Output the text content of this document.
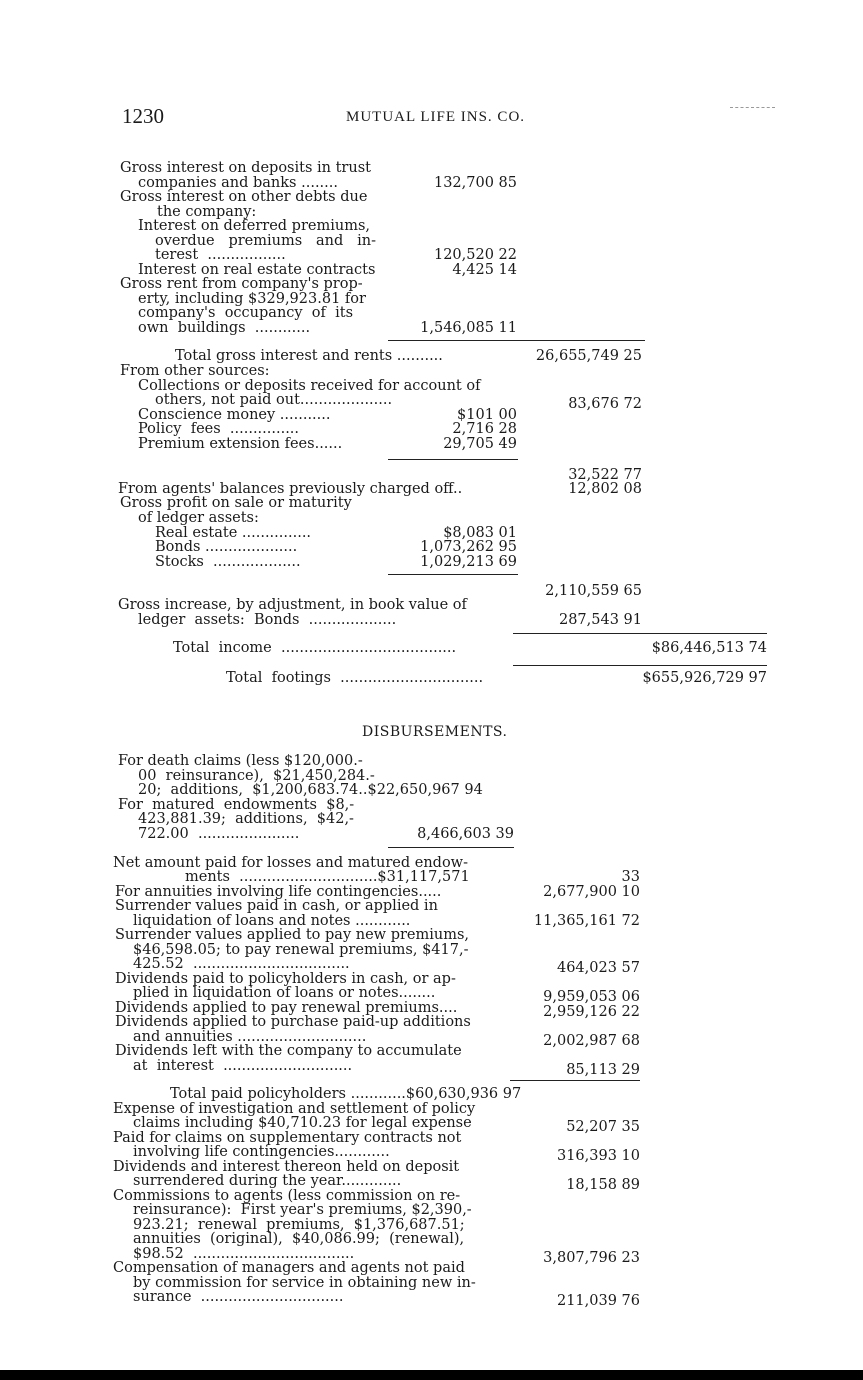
1230	MUTUAL LIFE INS. CO.
DISBURSEMENTS.
Gross interest on deposits in trust
companies and banks ........
Gross interest on other debts due
the company:
Interest on deferred premiums,
overdue   premiums   and   in-
terest  .................
Interest on real estate contracts
Gross rent from company's prop-
erty, including $329,923.81 for
company's  occupancy  of  its
own  buildings  ............
Total gross interest and rents ..........
From other sources:
Collections or deposits received for account of
others, not paid out....................
Conscience money ...........
Policy  fees  ...............
Premium extension fees......
From agents' balances previously charged off..
Gross profit on sale or maturity
of ledger assets:
Real estate ...............
Bonds ....................
Stocks  ...................
Gross increase, by adjustment, in book value of
ledger  assets:  Bonds  ...................
Total  income  ......................................
Total  footings  ...............................
For death claims (less $120,000.-
00  reinsurance),  $21,450,284.-
20;  additions,  $1,200,683.74..$22,650,967 94
For  matured  endowments  $8,-
423,881.39;  additions,  $42,-
722.00  ......................
Net amount paid for losses and matured endow-
ments  ..............................$31,117,571
For annuities involving life contingencies.....
Surrender values paid in cash, or applied in
liquidation of loans and notes ............
Surrender values applied to pay new premiums,
$46,598.05; to pay renewal premiums, $417,-
425.52  ..................................
Dividends paid to policyholders in cash, or ap-
plied in liquidation of loans or notes........
Dividends applied to pay renewal premiums....
Dividends applied to purchase paid-up additions
and annuities ............................
Dividends left with the company to accumulate
at  interest  ............................
Total paid policyholders ............$60,630,936 97
Expense of investigation and settlement of policy
claims including $40,710.23 for legal expense
Paid for claims on supplementary contracts not
involving life contingencies............
Dividends and interest thereon held on deposit
surrendered during the year.............
Commissions to agents (less commission on re-
reinsurance):  First year's premiums, $2,390,-
923.21;  renewal  premiums,  $1,376,687.51;
annuities  (original),  $40,086.99;  (renewal),
$98.52  ...................................
Compensation of managers and agents not paid
by commission for service in obtaining new in-
surance  ...............................
132,700 85
120,520 22
4,425 14
1,546,085 11
26,655,749 25
83,676 72
$101 00
2,716 28
29,705 49
32,522 77
12,802 08
$8,083 01
1,073,262 95
1,029,213 69
2,110,559 65
287,543 91
$86,446,513 74
$655,926,729 97
8,466,603 39
33
2,677,900 10
11,365,161 72
464,023 57
9,959,053 06
2,959,126 22
2,002,987 68
85,113 29
52,207 35
316,393 10
18,158 89
3,807,796 23
211,039 76
